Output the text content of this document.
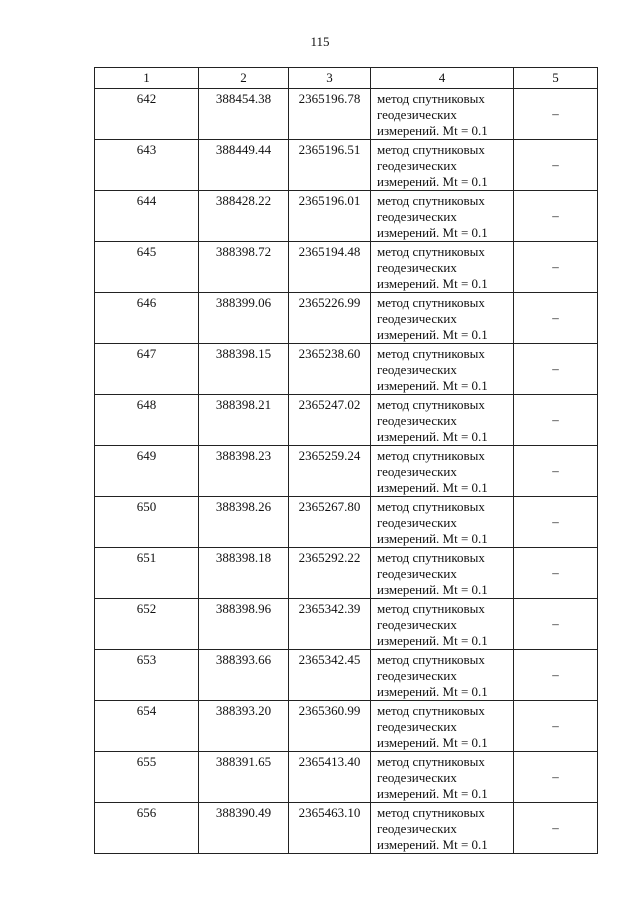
115
1	2	3	4	5
642	388454.38	2365196.78	метод спутниковых
геодезических
измерений. Mt = 0.1	–
643	388449.44	2365196.51	метод спутниковых
геодезических
измерений. Mt = 0.1	–
644	388428.22	2365196.01	метод спутниковых
геодезических
измерений. Mt = 0.1	–
645	388398.72	2365194.48	метод спутниковых
геодезических
измерений. Mt = 0.1	–
646	388399.06	2365226.99	метод спутниковых
геодезических
измерений. Mt = 0.1	–
647	388398.15	2365238.60	метод спутниковых
геодезических
измерений. Mt = 0.1	–
648	388398.21	2365247.02	метод спутниковых
геодезических
измерений. Mt = 0.1	–
649	388398.23	2365259.24	метод спутниковых
геодезических
измерений. Mt = 0.1	–
650	388398.26	2365267.80	метод спутниковых
геодезических
измерений. Mt = 0.1	–
651	388398.18	2365292.22	метод спутниковых
геодезических
измерений. Mt = 0.1	–
652	388398.96	2365342.39	метод спутниковых
геодезических
измерений. Mt = 0.1	–
653	388393.66	2365342.45	метод спутниковых
геодезических
измерений. Mt = 0.1	–
654	388393.20	2365360.99	метод спутниковых
геодезических
измерений. Mt = 0.1	–
655	388391.65	2365413.40	метод спутниковых
геодезических
измерений. Mt = 0.1	–
656	388390.49	2365463.10	метод спутниковых
геодезических
измерений. Mt = 0.1	–
